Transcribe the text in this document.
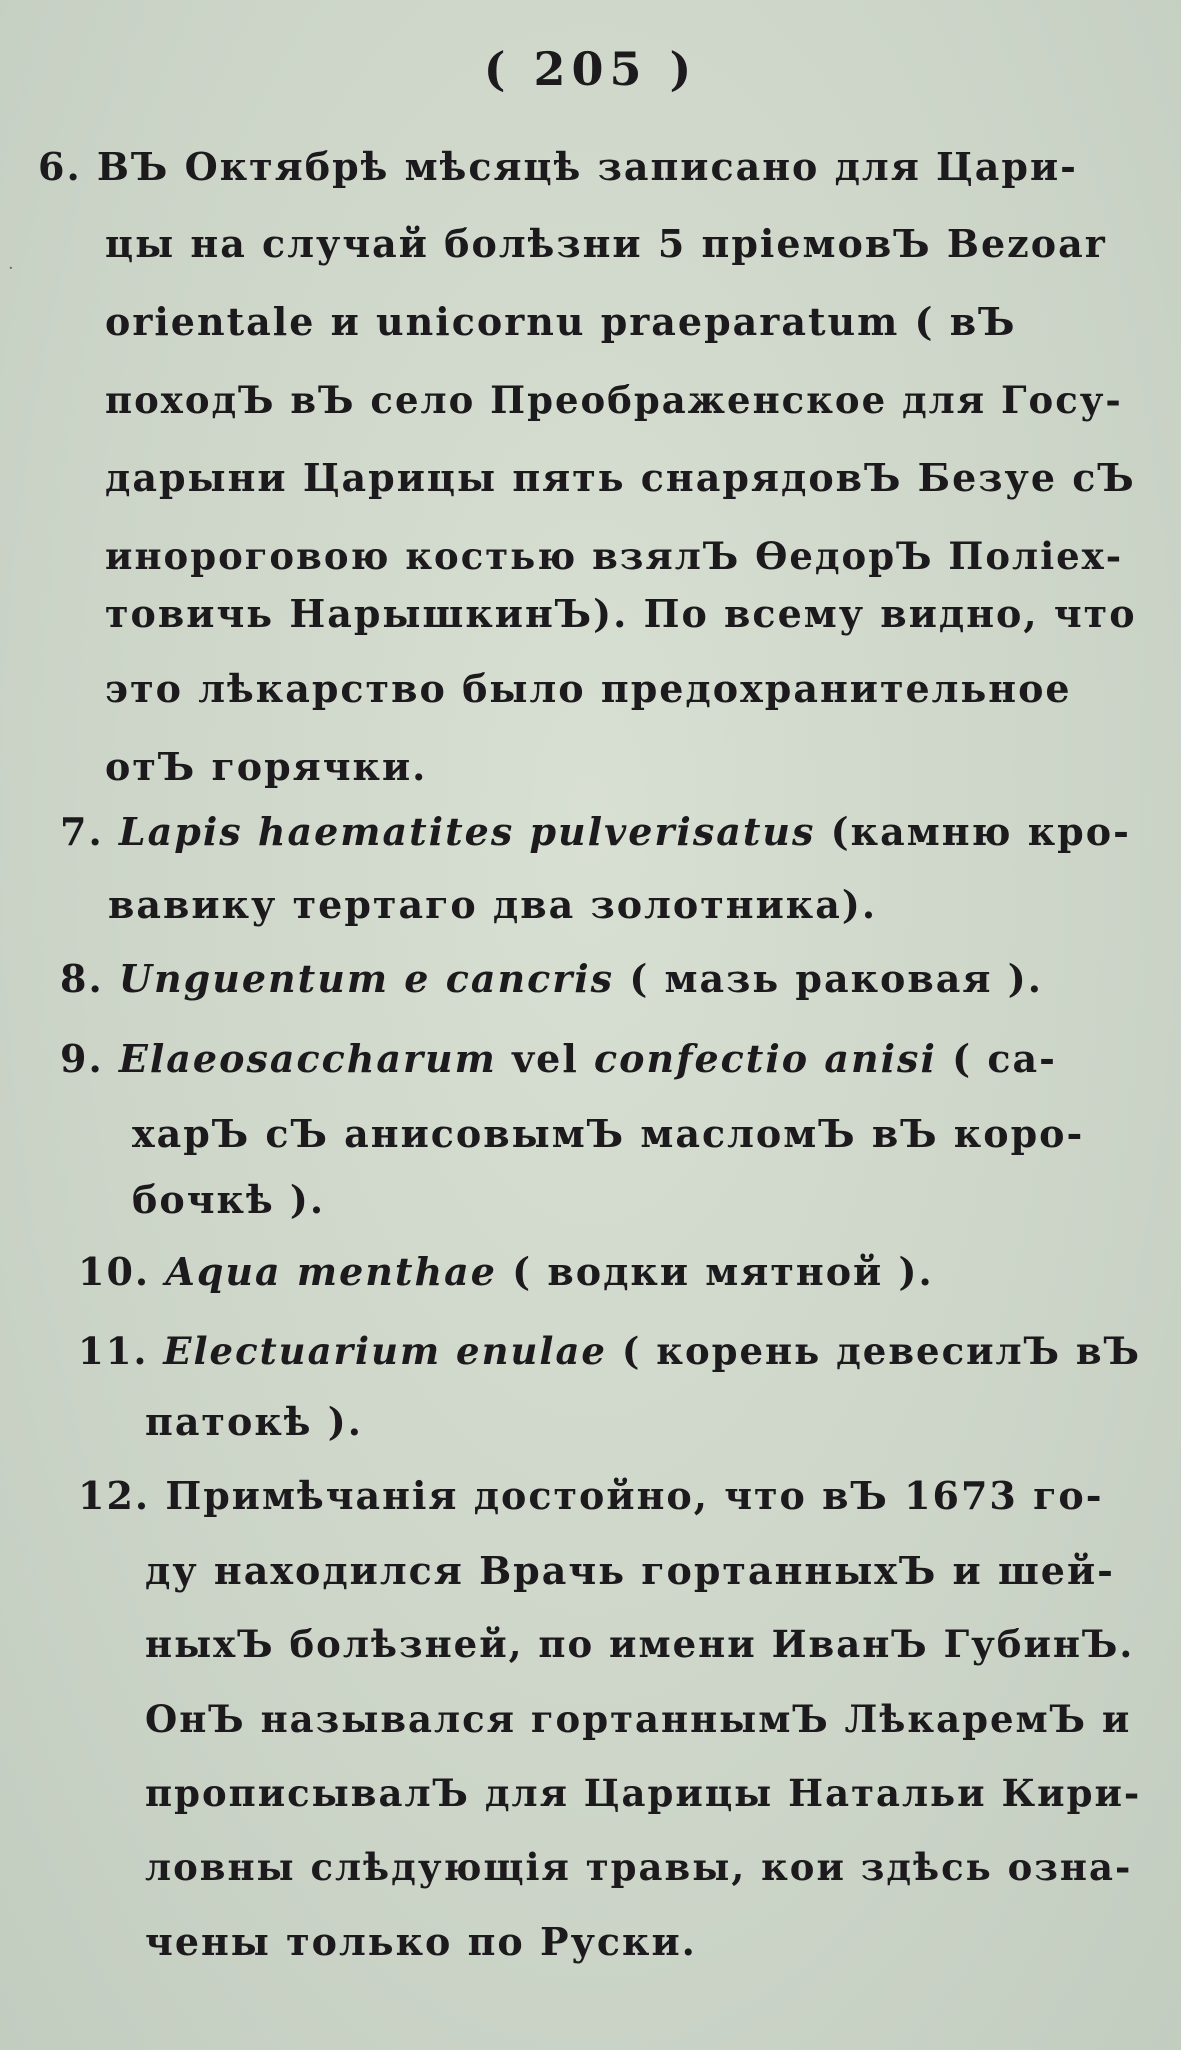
( 205 )
·
6. ВЪ Октябрѣ мѣсяцѣ записано для Цари-
цы на случай болѣзни 5 пріемовЪ Bezoar
orientale и unicornu praeparatum ( вЪ
походЪ вЪ село Преображенское для Госу-
дарыни Царицы пять снарядовЪ Безуе сЪ
инороговою костью взялЪ ѲедорЪ Поліех-
товичь НарышкинЪ). По всему видно, что
это лѣкарство было предохранительное
отЪ горячки.
7. Lapis haematites pulverisatus (камню кро-
вавику тертаго два золотника).
8. Unguentum e cancris ( мазь раковая ).
9. Elaeosaccharum vel confectio anisi ( са-
харЪ сЪ анисовымЪ масломЪ вЪ коро-
бочкѣ ).
10. Aqua menthae ( водки мятной ).
11. Electuarium enulae ( корень девесилЪ вЪ
патокѣ ).
12. Примѣчанія достойно, что вЪ 1673 го-
ду находился Врачь гортанныхЪ и шей-
ныхЪ болѣзней, по имени ИванЪ ГубинЪ.
ОнЪ назывался гортаннымЪ ЛѣкаремЪ и
прописывалЪ для Царицы Натальи Кири-
ловны слѣдующія травы, кои здѣсь озна-
чены только по Руски.
